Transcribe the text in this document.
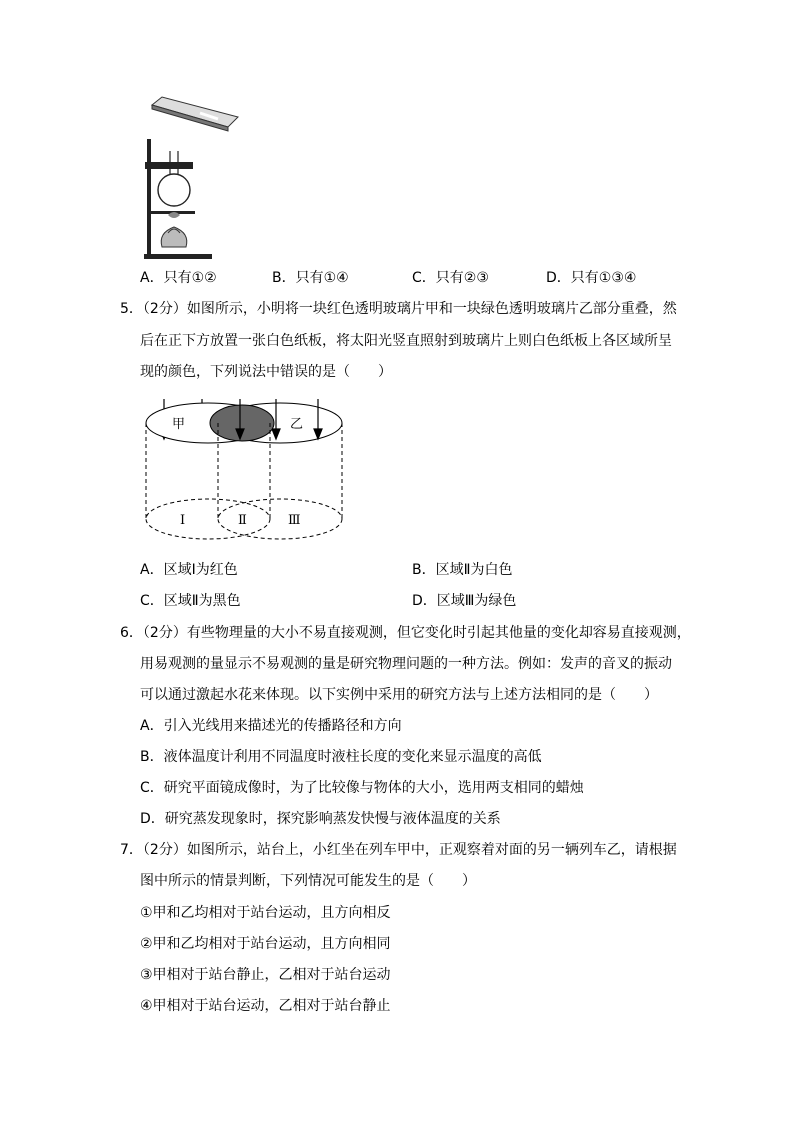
A．只有①②	B．只有①④	C．只有②③	D．只有①③④
5．（2分）如图所示，小明将一块红色透明玻璃片甲和一块绿色透明玻璃片乙部分重叠，然
后在正下方放置一张白色纸板，将太阳光竖直照射到玻璃片上则白色纸板上各区域所呈
现的颜色，下列说法中错误的是（　　）
甲	乙
Ⅰ	Ⅱ	Ⅲ
A．区域Ⅰ为红色	B．区域Ⅱ为白色
C．区域Ⅱ为黑色	D．区域Ⅲ为绿色
6．（2分）有些物理量的大小不易直接观测，但它变化时引起其他量的变化却容易直接观测，
用易观测的量显示不易观测的量是研究物理问题的一种方法。例如：发声的音叉的振动
可以通过激起水花来体现。以下实例中采用的研究方法与上述方法相同的是（　　）
A．引入光线用来描述光的传播路径和方向
B．液体温度计利用不同温度时液柱长度的变化来显示温度的高低
C．研究平面镜成像时，为了比较像与物体的大小，选用两支相同的蜡烛
D．研究蒸发现象时，探究影响蒸发快慢与液体温度的关系
7．（2分）如图所示，站台上，小红坐在列车甲中，正观察着对面的另一辆列车乙，请根据
图中所示的情景判断，下列情况可能发生的是（　　）
①甲和乙均相对于站台运动，且方向相反
②甲和乙均相对于站台运动，且方向相同
③甲相对于站台静止，乙相对于站台运动
④甲相对于站台运动，乙相对于站台静止
